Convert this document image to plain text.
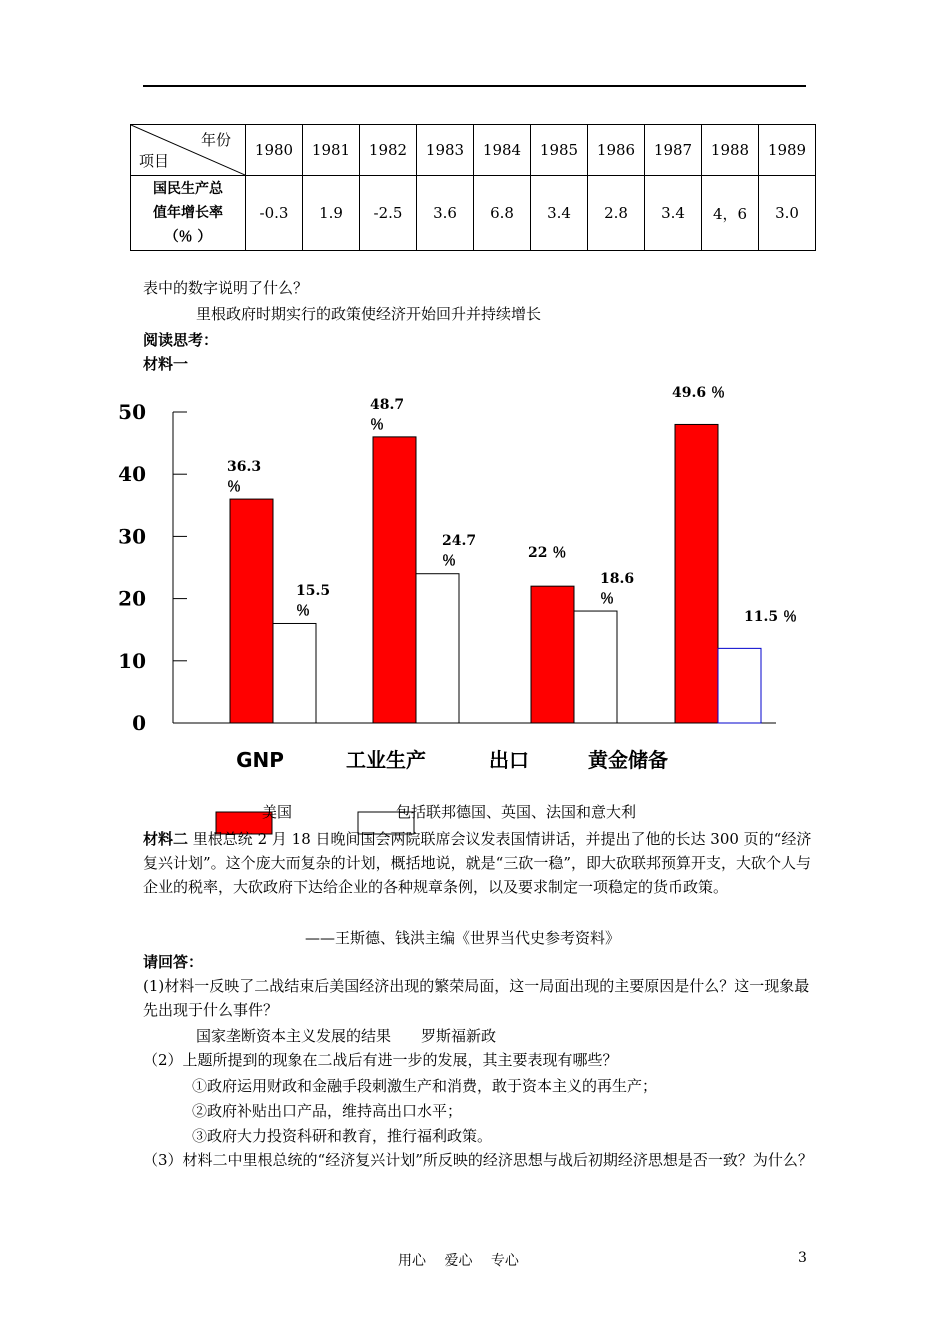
年份
项目	1980	1981	1982	1983	1984	1985	1986	1987	1988	1989

国民生产总
值年增长率
（％ ）	-0.3	1.9	-2.5	3.6	6.8	3.4	2.8	3.4	4，6	3.0
表中的数字说明了什么？
里根政府时期实行的政策使经济开始回升并持续增长
阅读思考：
材料一
0
10
20
30
40
50
36.3 ％
15.5 ％
48.7 ％
24.7 ％	22 ％
18.6 ％
49.6 ％
11.5 ％
GNP	工业生产	出口	黄金储备
美国	包括联邦德国、英国、法国和意大利
材料二 里根总统 2 月 18 日晚间国会两院联席会议发表国情讲话，并提出了他的长达 300 页的“经济复兴计划”。这个庞大而复杂的计划，概括地说，就是“三砍一稳”，即大砍联邦预算开支，大砍个人与企业的税率，大砍政府下达给企业的各种规章条例，以及要求制定一项稳定的货币政策。
——王斯德、钱洪主编《世界当代史参考资料》
请回答：
(1)材料一反映了二战结束后美国经济出现的繁荣局面，这一局面出现的主要原因是什么？这一现象最先出现于什么事件？
国家垄断资本主义发展的结果　　罗斯福新政
（2）上题所提到的现象在二战后有进一步的发展，其主要表现有哪些？
①政府运用财政和金融手段刺激生产和消费，敢于资本主义的再生产；
②政府补贴出口产品，维持高出口水平；
③政府大力投资科研和教育，推行福利政策。
（3）材料二中里根总统的“经济复兴计划”所反映的经济思想与战后初期经济思想是否一致？为什么？
用心　 爱心　 专心	3
